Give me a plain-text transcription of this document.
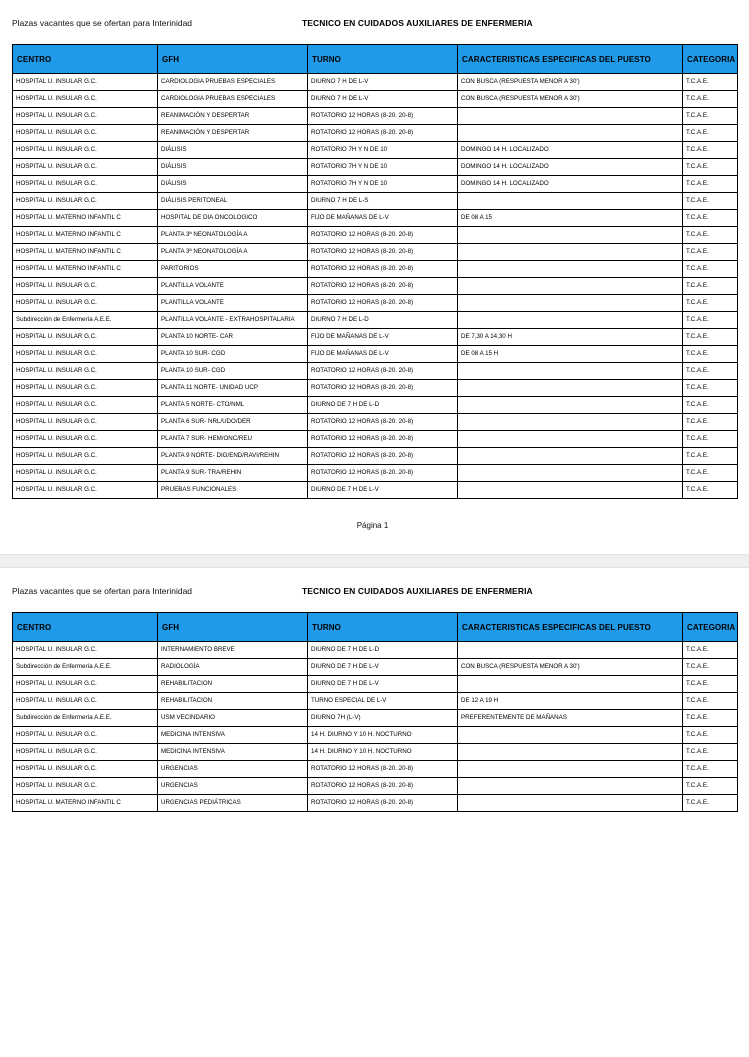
Plazas vacantes que se ofertan para Interinidad	TECNICO EN CUIDADOS AUXILIARES DE ENFERMERIA
CENTRO	GFH	TURNO	CARACTERISTICAS ESPECIFICAS DEL PUESTO	CATEGORIA
HOSPITAL U. INSULAR G.C.	CARDIOLOGIA PRUEBAS ESPECIALES	DIURNO 7 H DE L-V	CON BUSCA (RESPUESTA MENOR A 30')	T.C.A.E.
HOSPITAL U. INSULAR G.C.	CARDIOLOGIA PRUEBAS ESPECIALES	DIURNO 7 H DE L-V	CON BUSCA (RESPUESTA MENOR A 30')	T.C.A.E.
HOSPITAL U. INSULAR G.C.	REANIMACIÓN Y DESPERTAR	ROTATORIO 12 HORAS (8-20. 20-8)		T.C.A.E.
HOSPITAL U. INSULAR G.C.	REANIMACIÓN Y DESPERTAR	ROTATORIO 12 HORAS (8-20. 20-8)		T.C.A.E.
HOSPITAL U. INSULAR G.C.	DIÁLISIS	ROTATORIO 7H Y N DE 10	DOMINGO 14 H. LOCALIZADO	T.C.A.E.
HOSPITAL U. INSULAR G.C.	DIÁLISIS	ROTATORIO 7H Y N DE 10	DOMINGO 14 H. LOCALIZADO	T.C.A.E.
HOSPITAL U. INSULAR G.C.	DIÁLISIS	ROTATORIO 7H Y N DE 10	DOMINGO 14 H. LOCALIZADO	T.C.A.E.
HOSPITAL U. INSULAR G.C.	DIÁLISIS PERITONEAL	DIURNO 7 H DE L-S		T.C.A.E.
HOSPITAL U. MATERNO INFANTIL C	HOSPITAL DE DIA ONCOLOGICO	FIJO DE MAÑANAS DE L-V	DE 08 A 15	T.C.A.E.
HOSPITAL U. MATERNO INFANTIL C	PLANTA 3ª NEONATOLOGÍA A	ROTATORIO 12 HORAS (8-20. 20-8)		T.C.A.E.
HOSPITAL U. MATERNO INFANTIL C	PLANTA 3ª NEONATOLOGÍA A	ROTATORIO 12 HORAS (8-20. 20-8)		T.C.A.E.
HOSPITAL U. MATERNO INFANTIL C	PARITORIOS	ROTATORIO 12 HORAS (8-20. 20-8)		T.C.A.E.
HOSPITAL U. INSULAR G.C.	PLANTILLA VOLANTE	ROTATORIO 12 HORAS (8-20. 20-8)		T.C.A.E.
HOSPITAL U. INSULAR G.C.	PLANTILLA VOLANTE	ROTATORIO 12 HORAS (8-20. 20-8)		T.C.A.E.
Subdirección de Enfermería A.E.E.	PLANTILLA VOLANTE - EXTRAHOSPITALARIA	DIURNO 7 H DE L-D		T.C.A.E.
HOSPITAL U. INSULAR G.C.	PLANTA 10 NORTE- CAR	FIJO DE MAÑANAS DE L-V	DE 7,30 A 14,30 H	T.C.A.E.
HOSPITAL U. INSULAR G.C.	PLANTA 10 SUR- CGD	FIJO DE MAÑANAS DE L-V	DE 08 A 15 H	T.C.A.E.
HOSPITAL U. INSULAR G.C.	PLANTA 10 SUR- CGD	ROTATORIO 12 HORAS (8-20. 20-8)		T.C.A.E.
HOSPITAL U. INSULAR G.C.	PLANTA 11 NORTE- UNIDAD UCP	ROTATORIO 12 HORAS (8-20. 20-8)		T.C.A.E.
HOSPITAL U. INSULAR G.C.	PLANTA 5 NORTE- CTO/NML	DIURNO DE 7 H DE L-D		T.C.A.E.
HOSPITAL U. INSULAR G.C.	PLANTA 6 SUR- NRL/UDO/DER	ROTATORIO 12 HORAS (8-20. 20-8)		T.C.A.E.
HOSPITAL U. INSULAR G.C.	PLANTA 7 SUR- HEM/ONC/REU	ROTATORIO 12 HORAS (8-20. 20-8)		T.C.A.E.
HOSPITAL U. INSULAR G.C.	PLANTA 9 NORTE- DIG/END/RAVI/REHIN	ROTATORIO 12 HORAS (8-20. 20-8)		T.C.A.E.
HOSPITAL U. INSULAR G.C.	PLANTA 9 SUR- TRA/REHIN	ROTATORIO 12 HORAS (8-20. 20-8)		T.C.A.E.
HOSPITAL U. INSULAR G.C.	PRUEBAS FUNCIONALES	DIURNO DE 7 H DE L-V		T.C.A.E.
Página 1
Plazas vacantes que se ofertan para Interinidad	TECNICO EN CUIDADOS AUXILIARES DE ENFERMERIA
CENTRO	GFH	TURNO	CARACTERISTICAS ESPECIFICAS DEL PUESTO	CATEGORIA
HOSPITAL U. INSULAR G.C.	INTERNAMIENTO BREVE	DIURNO DE 7 H DE L-D		T.C.A.E.
Subdirección de Enfermería A.E.E.	RADIOLOGÍA	DIURNO DE 7 H DE L-V	CON BUSCA (RESPUESTA MENOR A 30')	T.C.A.E.
HOSPITAL U. INSULAR G.C.	REHABILITACION	DIURNO DE 7 H DE L-V		T.C.A.E.
HOSPITAL U. INSULAR G.C.	REHABILITACION	TURNO ESPECIAL DE L-V	DE 12 A 19 H	T.C.A.E.
Subdirección de Enfermería A.E.E.	USM VECINDARIO	DIURNO 7H (L-V)	PREFERENTEMENTE DE MAÑANAS	T.C.A.E.
HOSPITAL U. INSULAR G.C.	MEDICINA INTENSIVA	14 H. DIURNO Y 10 H. NOCTURNO		T.C.A.E.
HOSPITAL U. INSULAR G.C.	MEDICINA INTENSIVA	14 H. DIURNO Y 10 H. NOCTURNO		T.C.A.E.
HOSPITAL U. INSULAR G.C.	URGENCIAS	ROTATORIO 12 HORAS (8-20. 20-8)		T.C.A.E.
HOSPITAL U. INSULAR G.C.	URGENCIAS	ROTATORIO 12 HORAS (8-20. 20-8)		T.C.A.E.
HOSPITAL U. MATERNO INFANTIL C	URGENCIAS PEDIÁTRICAS	ROTATORIO 12 HORAS (8-20. 20-8)		T.C.A.E.
